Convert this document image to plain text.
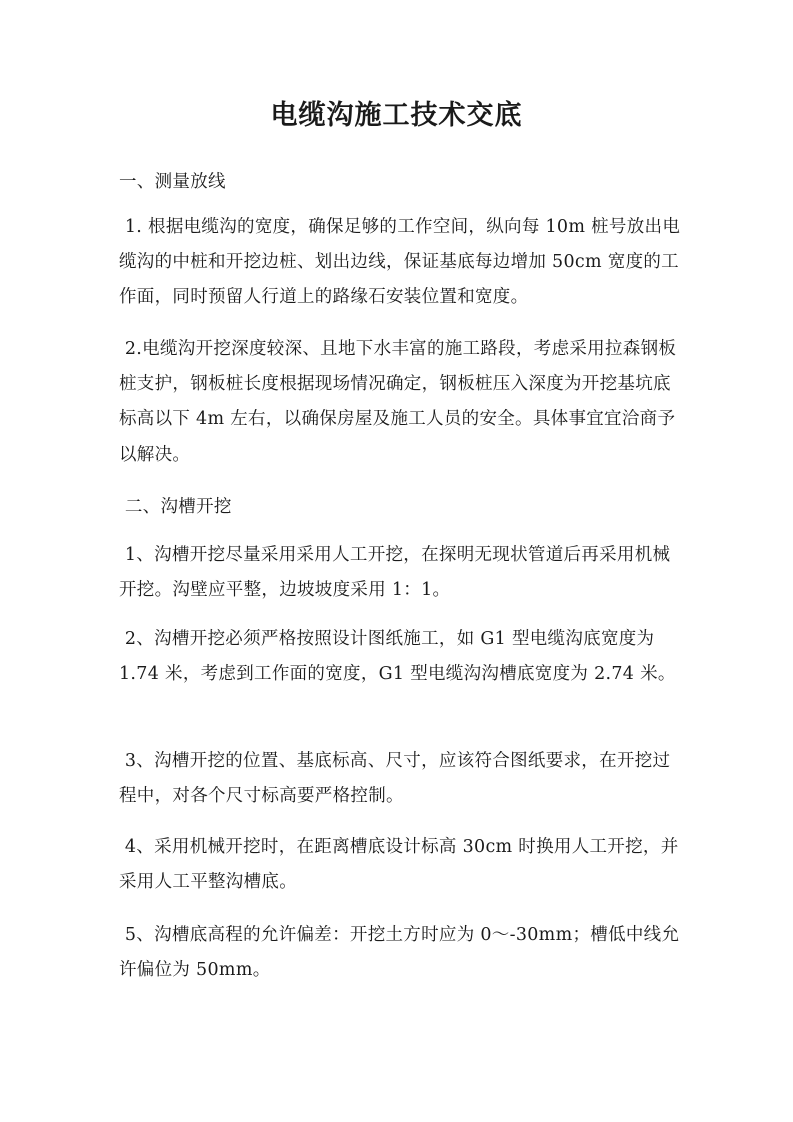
电缆沟施工技术交底

一、测量放线

1. 根据电缆沟的宽度，确保足够的工作空间，纵向每 10m 桩号放出电缆沟的中桩和开挖边桩、划出边线，保证基底每边增加 50cm 宽度的工作面，同时预留人行道上的路缘石安装位置和宽度。

2.电缆沟开挖深度较深、且地下水丰富的施工路段，考虑采用拉森钢板桩支护，钢板桩长度根据现场情况确定，钢板桩压入深度为开挖基坑底标高以下 4m 左右，以确保房屋及施工人员的安全。具体事宜宜洽商予以解决。

二、沟槽开挖

1、沟槽开挖尽量采用采用人工开挖，在探明无现状管道后再采用机械开挖。沟壁应平整，边坡坡度采用 1：1。

2、沟槽开挖必须严格按照设计图纸施工，如 G1 型电缆沟底宽度为 1.74 米，考虑到工作面的宽度，G1 型电缆沟沟槽底宽度为 2.74 米。

3、沟槽开挖的位置、基底标高、尺寸，应该符合图纸要求，在开挖过程中，对各个尺寸标高要严格控制。

4、采用机械开挖时，在距离槽底设计标高 30cm 时换用人工开挖，并采用人工平整沟槽底。

5、沟槽底高程的允许偏差：开挖土方时应为 0～-30mm；槽低中线允许偏位为 50mm。
